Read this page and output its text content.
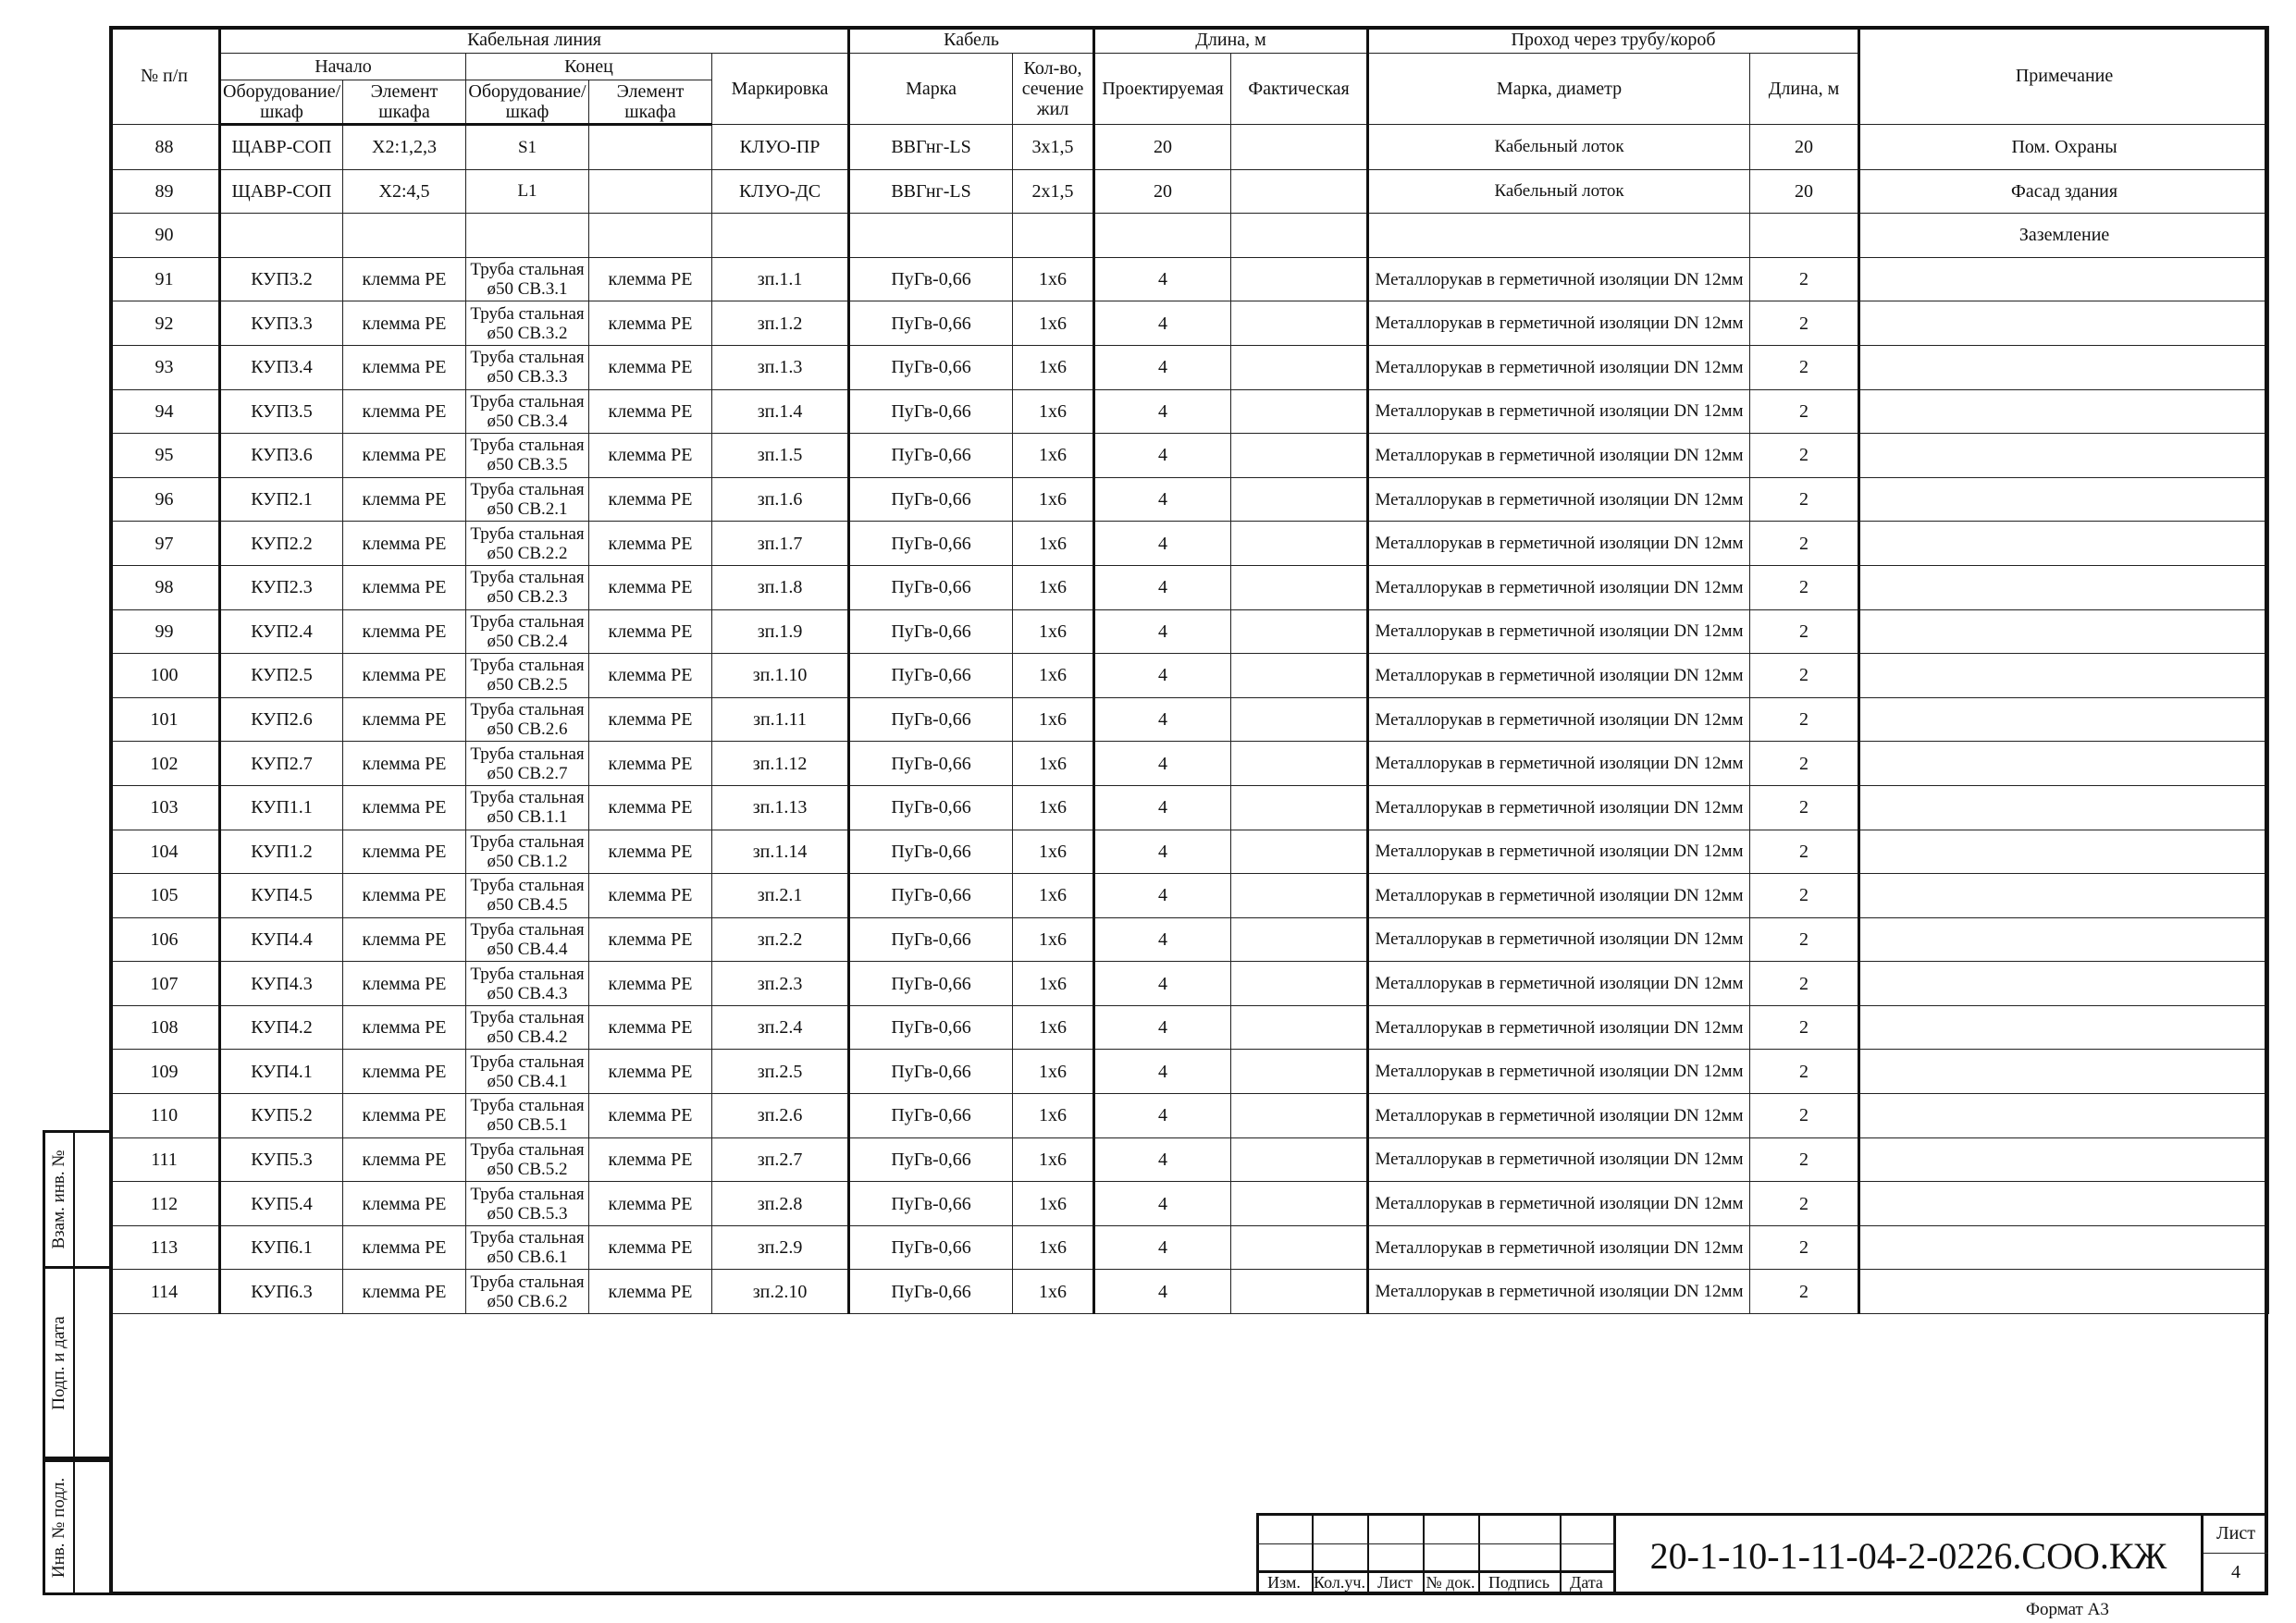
№ п/п	Кабельная линия					Кабель		Длина, м		Проход через трубу/короб		Примечание
	Начало		Конец		Маркировка	Марка	Кол-во, сечение жил	Проектируемая	Фактическая	Марка, диаметр	Длина, м	
	Оборудование/шкаф	Элемент шкафа	Оборудование/шкаф	Элемент шкафа								
88	ЩАВР-СОП	X2:1,2,3	S1		КЛУО-ПР	ВВГнг-LS	3х1,5	20		Кабельный лоток	20	Пом. Охраны
89	ЩАВР-СОП	X2:4,5	L1		КЛУО-ДС	ВВГнг-LS	2х1,5	20		Кабельный лоток	20	Фасад здания
90												Заземление
91	КУП3.2	клемма PE	Труба стальная ø50 СВ.3.1	клемма PE	зп.1.1	ПуГв-0,66	1х6	4		Металлорукав в герметичной изоляции DN 12мм	2	
92	КУП3.3	клемма PE	Труба стальная ø50 СВ.3.2	клемма PE	зп.1.2	ПуГв-0,66	1х6	4		Металлорукав в герметичной изоляции DN 12мм	2	
93	КУП3.4	клемма PE	Труба стальная ø50 СВ.3.3	клемма PE	зп.1.3	ПуГв-0,66	1х6	4		Металлорукав в герметичной изоляции DN 12мм	2	
94	КУП3.5	клемма PE	Труба стальная ø50 СВ.3.4	клемма PE	зп.1.4	ПуГв-0,66	1х6	4		Металлорукав в герметичной изоляции DN 12мм	2	
95	КУП3.6	клемма PE	Труба стальная ø50 СВ.3.5	клемма PE	зп.1.5	ПуГв-0,66	1х6	4		Металлорукав в герметичной изоляции DN 12мм	2	
96	КУП2.1	клемма PE	Труба стальная ø50 СВ.2.1	клемма PE	зп.1.6	ПуГв-0,66	1х6	4		Металлорукав в герметичной изоляции DN 12мм	2	
97	КУП2.2	клемма PE	Труба стальная ø50 СВ.2.2	клемма PE	зп.1.7	ПуГв-0,66	1х6	4		Металлорукав в герметичной изоляции DN 12мм	2	
98	КУП2.3	клемма PE	Труба стальная ø50 СВ.2.3	клемма PE	зп.1.8	ПуГв-0,66	1х6	4		Металлорукав в герметичной изоляции DN 12мм	2	
99	КУП2.4	клемма PE	Труба стальная ø50 СВ.2.4	клемма PE	зп.1.9	ПуГв-0,66	1х6	4		Металлорукав в герметичной изоляции DN 12мм	2	
100	КУП2.5	клемма PE	Труба стальная ø50 СВ.2.5	клемма PE	зп.1.10	ПуГв-0,66	1х6	4		Металлорукав в герметичной изоляции DN 12мм	2	
101	КУП2.6	клемма PE	Труба стальная ø50 СВ.2.6	клемма PE	зп.1.11	ПуГв-0,66	1х6	4		Металлорукав в герметичной изоляции DN 12мм	2	
102	КУП2.7	клемма PE	Труба стальная ø50 СВ.2.7	клемма PE	зп.1.12	ПуГв-0,66	1х6	4		Металлорукав в герметичной изоляции DN 12мм	2	
103	КУП1.1	клемма PE	Труба стальная ø50 СВ.1.1	клемма PE	зп.1.13	ПуГв-0,66	1х6	4		Металлорукав в герметичной изоляции DN 12мм	2	
104	КУП1.2	клемма PE	Труба стальная ø50 СВ.1.2	клемма PE	зп.1.14	ПуГв-0,66	1х6	4		Металлорукав в герметичной изоляции DN 12мм	2	
105	КУП4.5	клемма PE	Труба стальная ø50 СВ.4.5	клемма PE	зп.2.1	ПуГв-0,66	1х6	4		Металлорукав в герметичной изоляции DN 12мм	2	
106	КУП4.4	клемма PE	Труба стальная ø50 СВ.4.4	клемма PE	зп.2.2	ПуГв-0,66	1х6	4		Металлорукав в герметичной изоляции DN 12мм	2	
107	КУП4.3	клемма PE	Труба стальная ø50 СВ.4.3	клемма PE	зп.2.3	ПуГв-0,66	1х6	4		Металлорукав в герметичной изоляции DN 12мм	2	
108	КУП4.2	клемма PE	Труба стальная ø50 СВ.4.2	клемма PE	зп.2.4	ПуГв-0,66	1х6	4		Металлорукав в герметичной изоляции DN 12мм	2	
109	КУП4.1	клемма PE	Труба стальная ø50 СВ.4.1	клемма PE	зп.2.5	ПуГв-0,66	1х6	4		Металлорукав в герметичной изоляции DN 12мм	2	
110	КУП5.2	клемма PE	Труба стальная ø50 СВ.5.1	клемма PE	зп.2.6	ПуГв-0,66	1х6	4		Металлорукав в герметичной изоляции DN 12мм	2	
111	КУП5.3	клемма PE	Труба стальная ø50 СВ.5.2	клемма PE	зп.2.7	ПуГв-0,66	1х6	4		Металлорукав в герметичной изоляции DN 12мм	2	
112	КУП5.4	клемма PE	Труба стальная ø50 СВ.5.3	клемма PE	зп.2.8	ПуГв-0,66	1х6	4		Металлорукав в герметичной изоляции DN 12мм	2	
113	КУП6.1	клемма PE	Труба стальная ø50 СВ.6.1	клемма PE	зп.2.9	ПуГв-0,66	1х6	4		Металлорукав в герметичной изоляции DN 12мм	2	
114	КУП6.3	клемма PE	Труба стальная ø50 СВ.6.2	клемма PE	зп.2.10	ПуГв-0,66	1х6	4		Металлорукав в герметичной изоляции DN 12мм	2	
Взам. инв. №
Подп. и дата
Инв. № подл.
Изм. Кол.уч. Лист № док. Подпись	Дата
20-1-10-1-11-04-2-0226.СОО.КЖ
Лист
4
Формат А3
